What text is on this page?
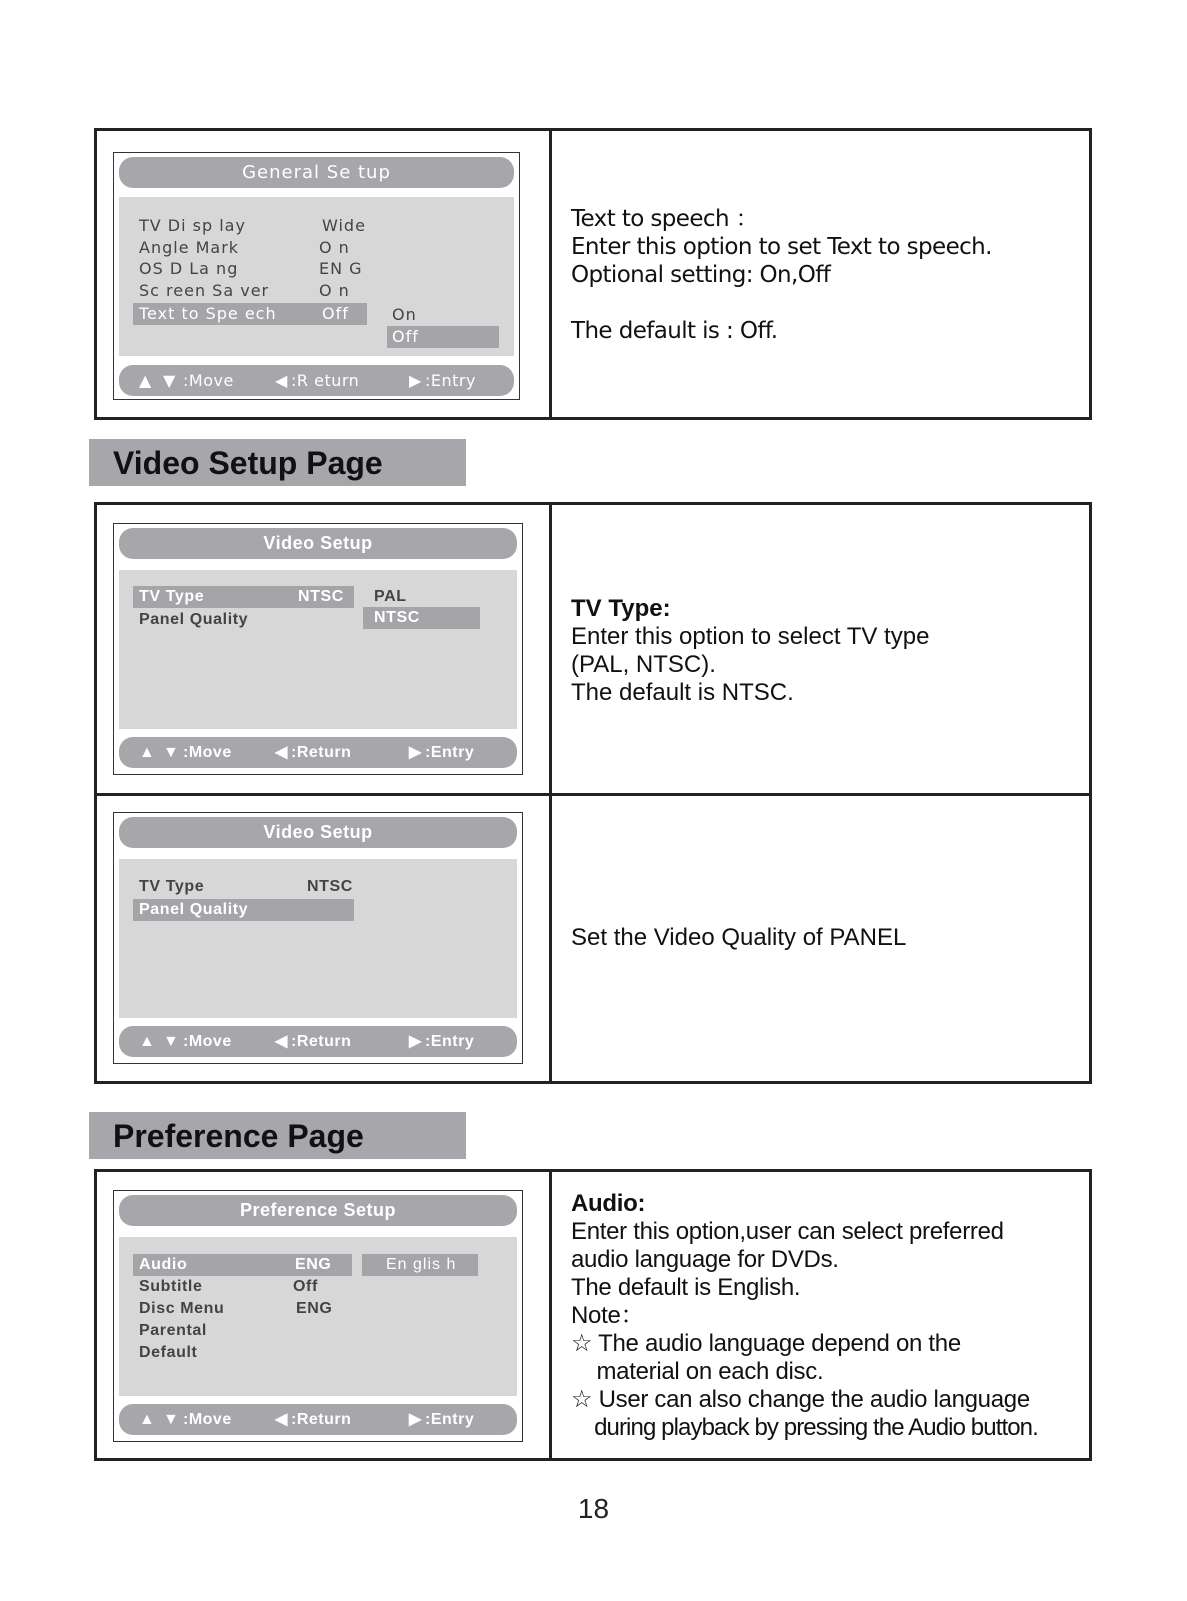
General Se tup
TV Di sp lay	Wide
Angle Mark	O n
OS D La ng	EN G
Sc reen Sa ver	O n
Text to Spe ech	Off	On
Off
▲ ▼ :Move	◀ :R eturn	▶ :Entry
Text to speech ：
Enter this option to set Text to speech.
Optional setting: On,Off
The default is : Off.
Video Setup Page
Video Setup
TV Type	NTSC
Panel Quality
PAL
NTSC
▲ ▼ :Move	◀ :Return	▶ :Entry
TV Type:
Enter this option to select TV type
(PAL, NTSC).
The default is NTSC.
Video Setup
TV Type	NTSC
Panel Quality
▲ ▼ :Move	◀ :Return	▶ :Entry
Set the Video Quality of PANEL
Preference Page
Preference Setup
Audio	ENG
Subtitle	Off
Disc Menu	ENG
Parental
Default
En glis h
▲ ▼ :Move	◀ :Return	▶ :Entry
Audio:
Enter this option,user can select preferred
audio language for DVDs.
The default is English.
Note：
☆ The audio language depend on the
material on each disc.
☆ User can also change the audio language
during playback by pressing the Audio button.
18
